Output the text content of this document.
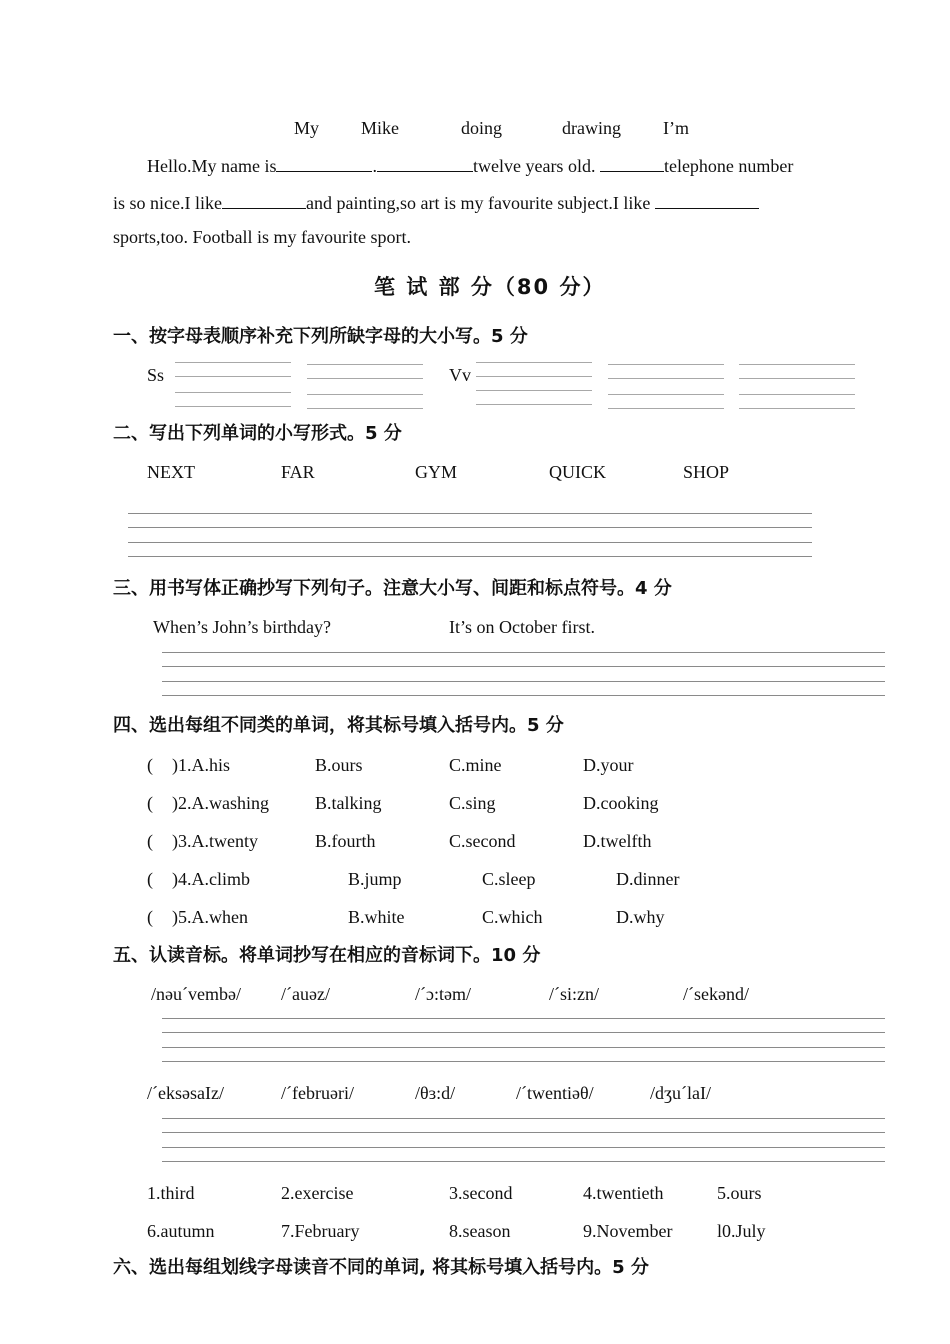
My Mike	doing	drawing I’m
Hello.My name is	.	twelve years old.	telephone number
is so nice.I like	and painting,so art is my favourite subject.I like
sports,too. Football is my favourite sport.
笔 试 部 分（80 分）
一、按字母表顺序补充下列所缺字母的大小写。5 分
Ss	Vv
二、写出下列单词的小写形式。5 分
NEXT	FAR	GYM	QUICK	SHOP
三、用书写体正确抄写下列句子。注意大小写、间距和标点符号。4 分
When’s John’s birthday?	It’s on October first.
四、选出每组不同类的单词，将其标号填入括号内。5 分
( )1.A.his	B.ours	C.mine	D.your
( )2.A.washing	B.talking	C.sing	D.cooking
( )3.A.twenty	B.fourth	C.second	D.twelfth
( )4.A.climb	B.jump	C.sleep	D.dinner
( )5.A.when	B.white	C.which	D.why
五、认读音标。将单词抄写在相应的音标词下。10 分
/nəuˊvembə/ /ˊauəz/	/ˊɔ:təm/	/ˊsi:zn/	/ˊsekənd/
/ˊeksəsaIz/	/ˊfebruəri/	/θɜ:d/	/ˊtwentiəθ/	/dʒuˊlaI/
1.third	2.exercise	3.second	4.twentieth	5.ours
6.autumn	7.February	8.season	9.November l0.July
六、选出每组划线字母读音不同的单词, 将其标号填入括号内。5 分
